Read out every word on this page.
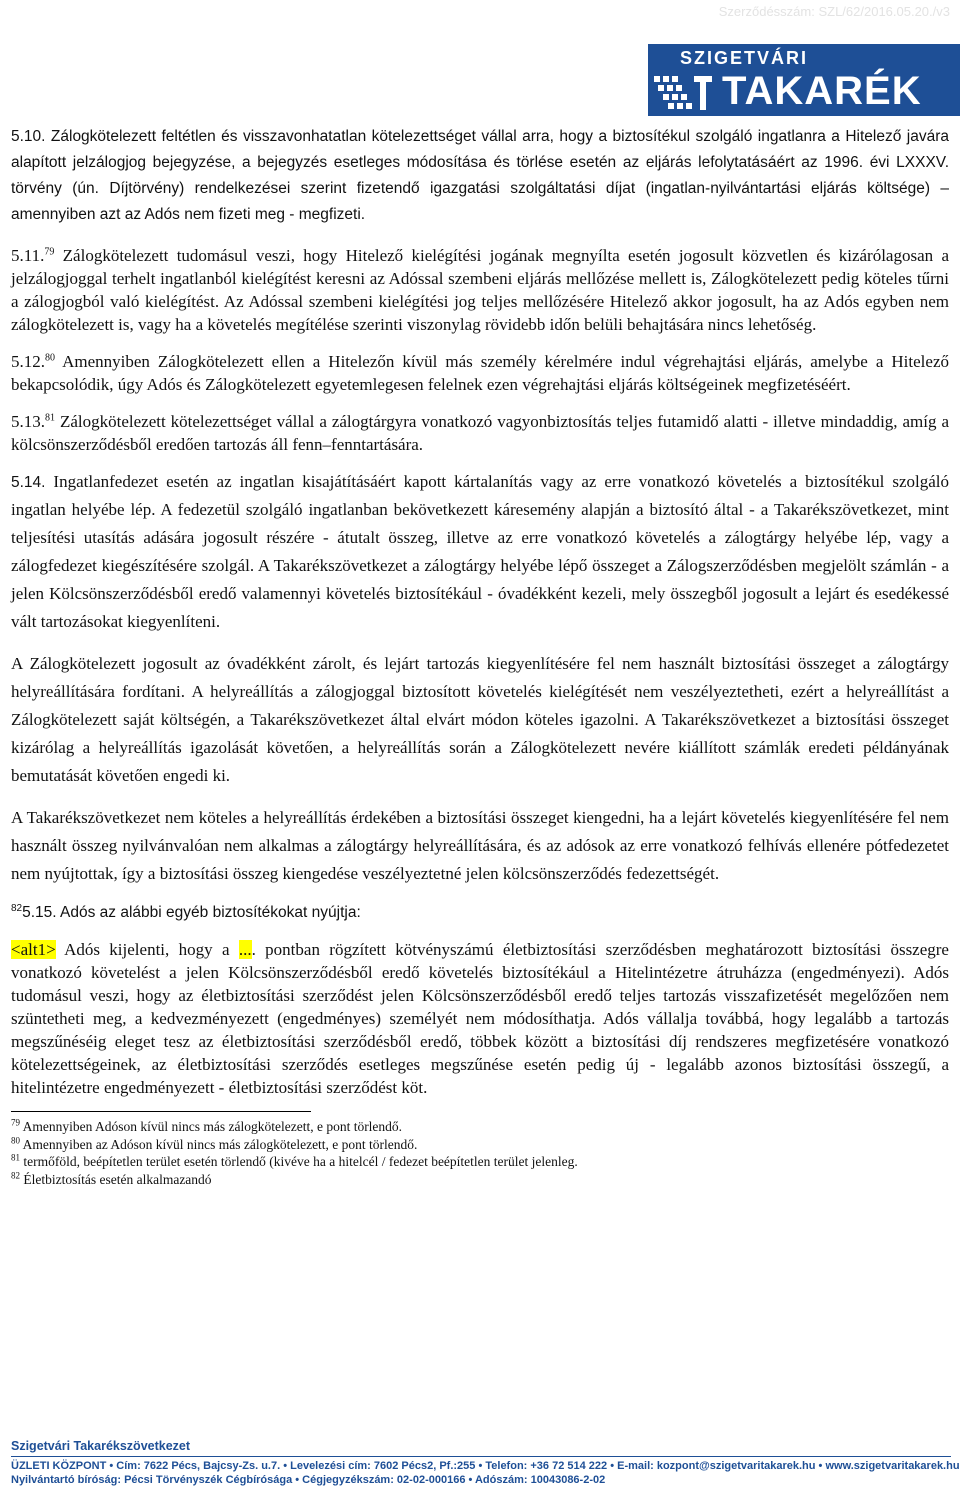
Szerződésszám: SZL/62/2016.05.20./v3
SZIGETVÁRI
TAKARÉK

5.10. Zálogkötelezett feltétlen és visszavonhatatlan kötelezettséget vállal arra, hogy a biztosítékul szolgáló ingatlanra a Hitelező javára alapított jelzálogjog bejegyzése, a bejegyzés esetleges módosítása és törlése esetén az eljárás lefolytatásáért az 1996. évi LXXXV. törvény (ún. Díjtörvény) rendelkezései szerint fizetendő igazgatási szolgáltatási díjat (ingatlan-nyilvántartási eljárás költsége) – amennyiben azt az Adós nem fizeti meg - megfizeti.

5.11.79 Zálogkötelezett tudomásul veszi, hogy Hitelező kielégítési jogának megnyílta esetén jogosult közvetlen és kizárólagosan a jelzálogjoggal terhelt ingatlanból kielégítést keresni az Adóssal szembeni eljárás mellőzése mellett is, Zálogkötelezett pedig köteles tűrni a zálogjogból való kielégítést. Az Adóssal szembeni kielégítési jog teljes mellőzésére Hitelező akkor jogosult, ha az Adós egyben nem zálogkötelezett is, vagy ha a követelés megítélése szerinti viszonylag rövidebb időn belüli behajtására nincs lehetőség.

5.12.80 Amennyiben Zálogkötelezett ellen a Hitelezőn kívül más személy kérelmére indul végrehajtási eljárás, amelybe a Hitelező bekapcsolódik, úgy Adós és Zálogkötelezett egyetemlegesen felelnek ezen végrehajtási eljárás költségeinek megfizetéséért.

5.13.81 Zálogkötelezett kötelezettséget vállal a zálogtárgyra vonatkozó vagyonbiztosítás teljes futamidő alatti - illetve mindaddig, amíg a kölcsönszerződésből eredően tartozás áll fenn–fenntartására.

5.14. Ingatlanfedezet esetén az ingatlan kisajátításáért kapott kártalanítás vagy az erre vonatkozó követelés a biztosítékul szolgáló ingatlan helyébe lép. A fedezetül szolgáló ingatlanban bekövetkezett káresemény alapján a biztosító által - a Takarékszövetkezet, mint teljesítési utasítás adására jogosult részére - átutalt összeg, illetve az erre vonatkozó követelés a zálogtárgy helyébe lép, vagy a zálogfedezet kiegészítésére szolgál. A Takarékszövetkezet a zálogtárgy helyébe lépő összeget a Zálogszerződésben megjelölt számlán - a jelen Kölcsönszerződésből eredő valamennyi követelés biztosítékául - óvadékként kezeli, mely összegből jogosult a lejárt és esedékessé vált tartozásokat kiegyenlíteni.

A Zálogkötelezett jogosult az óvadékként zárolt, és lejárt tartozás kiegyenlítésére fel nem használt biztosítási összeget a zálogtárgy helyreállítására fordítani. A helyreállítás a zálogjoggal biztosított követelés kielégítését nem veszélyeztetheti, ezért a helyreállítást a Zálogkötelezett saját költségén, a Takarékszövetkezet által elvárt módon köteles igazolni. A Takarékszövetkezet a biztosítási összeget kizárólag a helyreállítás igazolását követően, a helyreállítás során a Zálogkötelezett nevére kiállított számlák eredeti példányának bemutatását követően engedi ki.

A Takarékszövetkezet nem köteles a helyreállítás érdekében a biztosítási összeget kiengedni, ha a lejárt követelés kiegyenlítésére fel nem használt összeg nyilvánvalóan nem alkalmas a zálogtárgy helyreállítására, és az adósok az erre vonatkozó felhívás ellenére pótfedezetet nem nyújtottak, így a biztosítási összeg kiengedése veszélyeztetné jelen kölcsönszerződés fedezettségét.

$^{82}$5.15. Adós az alábbi egyéb biztosítékokat nyújtja:

<alt1> Adós kijelenti, hogy a .... pontban rögzített kötvényszámú életbiztosítási szerződésben meghatározott biztosítási összegre vonatkozó követelést a jelen Kölcsönszerződésből eredő követelés biztosítékául a Hitelintézetre átruházza (engedményezi). Adós tudomásul veszi, hogy az életbiztosítási szerződést jelen Kölcsönszerződésből eredő teljes tartozás visszafizetését megelőzően nem szüntetheti meg, a kedvezményezett (engedményes) személyét nem módosíthatja. Adós vállalja továbbá, hogy legalább a tartozás megszűnéséig eleget tesz az életbiztosítási szerződésből eredő, többek között a biztosítási díj rendszeres megfizetésére vonatkozó kötelezettségeinek, az életbiztosítási szerződés esetleges megszűnése esetén pedig új - legalább azonos biztosítási összegű, a hitelintézetre engedményezett - életbiztosítási szerződést köt.

$^{79}$ Amennyiben Adóson kívül nincs más zálogkötelezett, e pont törlendő.
$^{80}$ Amennyiben az Adóson kívül nincs más zálogkötelezett, e pont törlendő.
$^{81}$ termőföld, beépítetlen terület esetén törlendő (kivéve ha a hitelcél / fedezet beépítetlen terület jelenleg.
$^{82}$ Életbiztosítás esetén alkalmazandó
Szigetvári Takarékszövetkezet
ÜZLETI KÖZPONT • Cím: 7622 Pécs, Bajcsy-Zs. u.7. • Levelezési cím: 7602 Pécs2, Pf.:255 • Telefon: +36 72 514 222 • E-mail: kozpont@szigetvaritakarek.hu • www.szigetvaritakarek.hu
Nyilvántartó bíróság: Pécsi Törvényszék Cégbírósága • Cégjegyzékszám: 02-02-000166 • Adószám: 10043086-2-02
